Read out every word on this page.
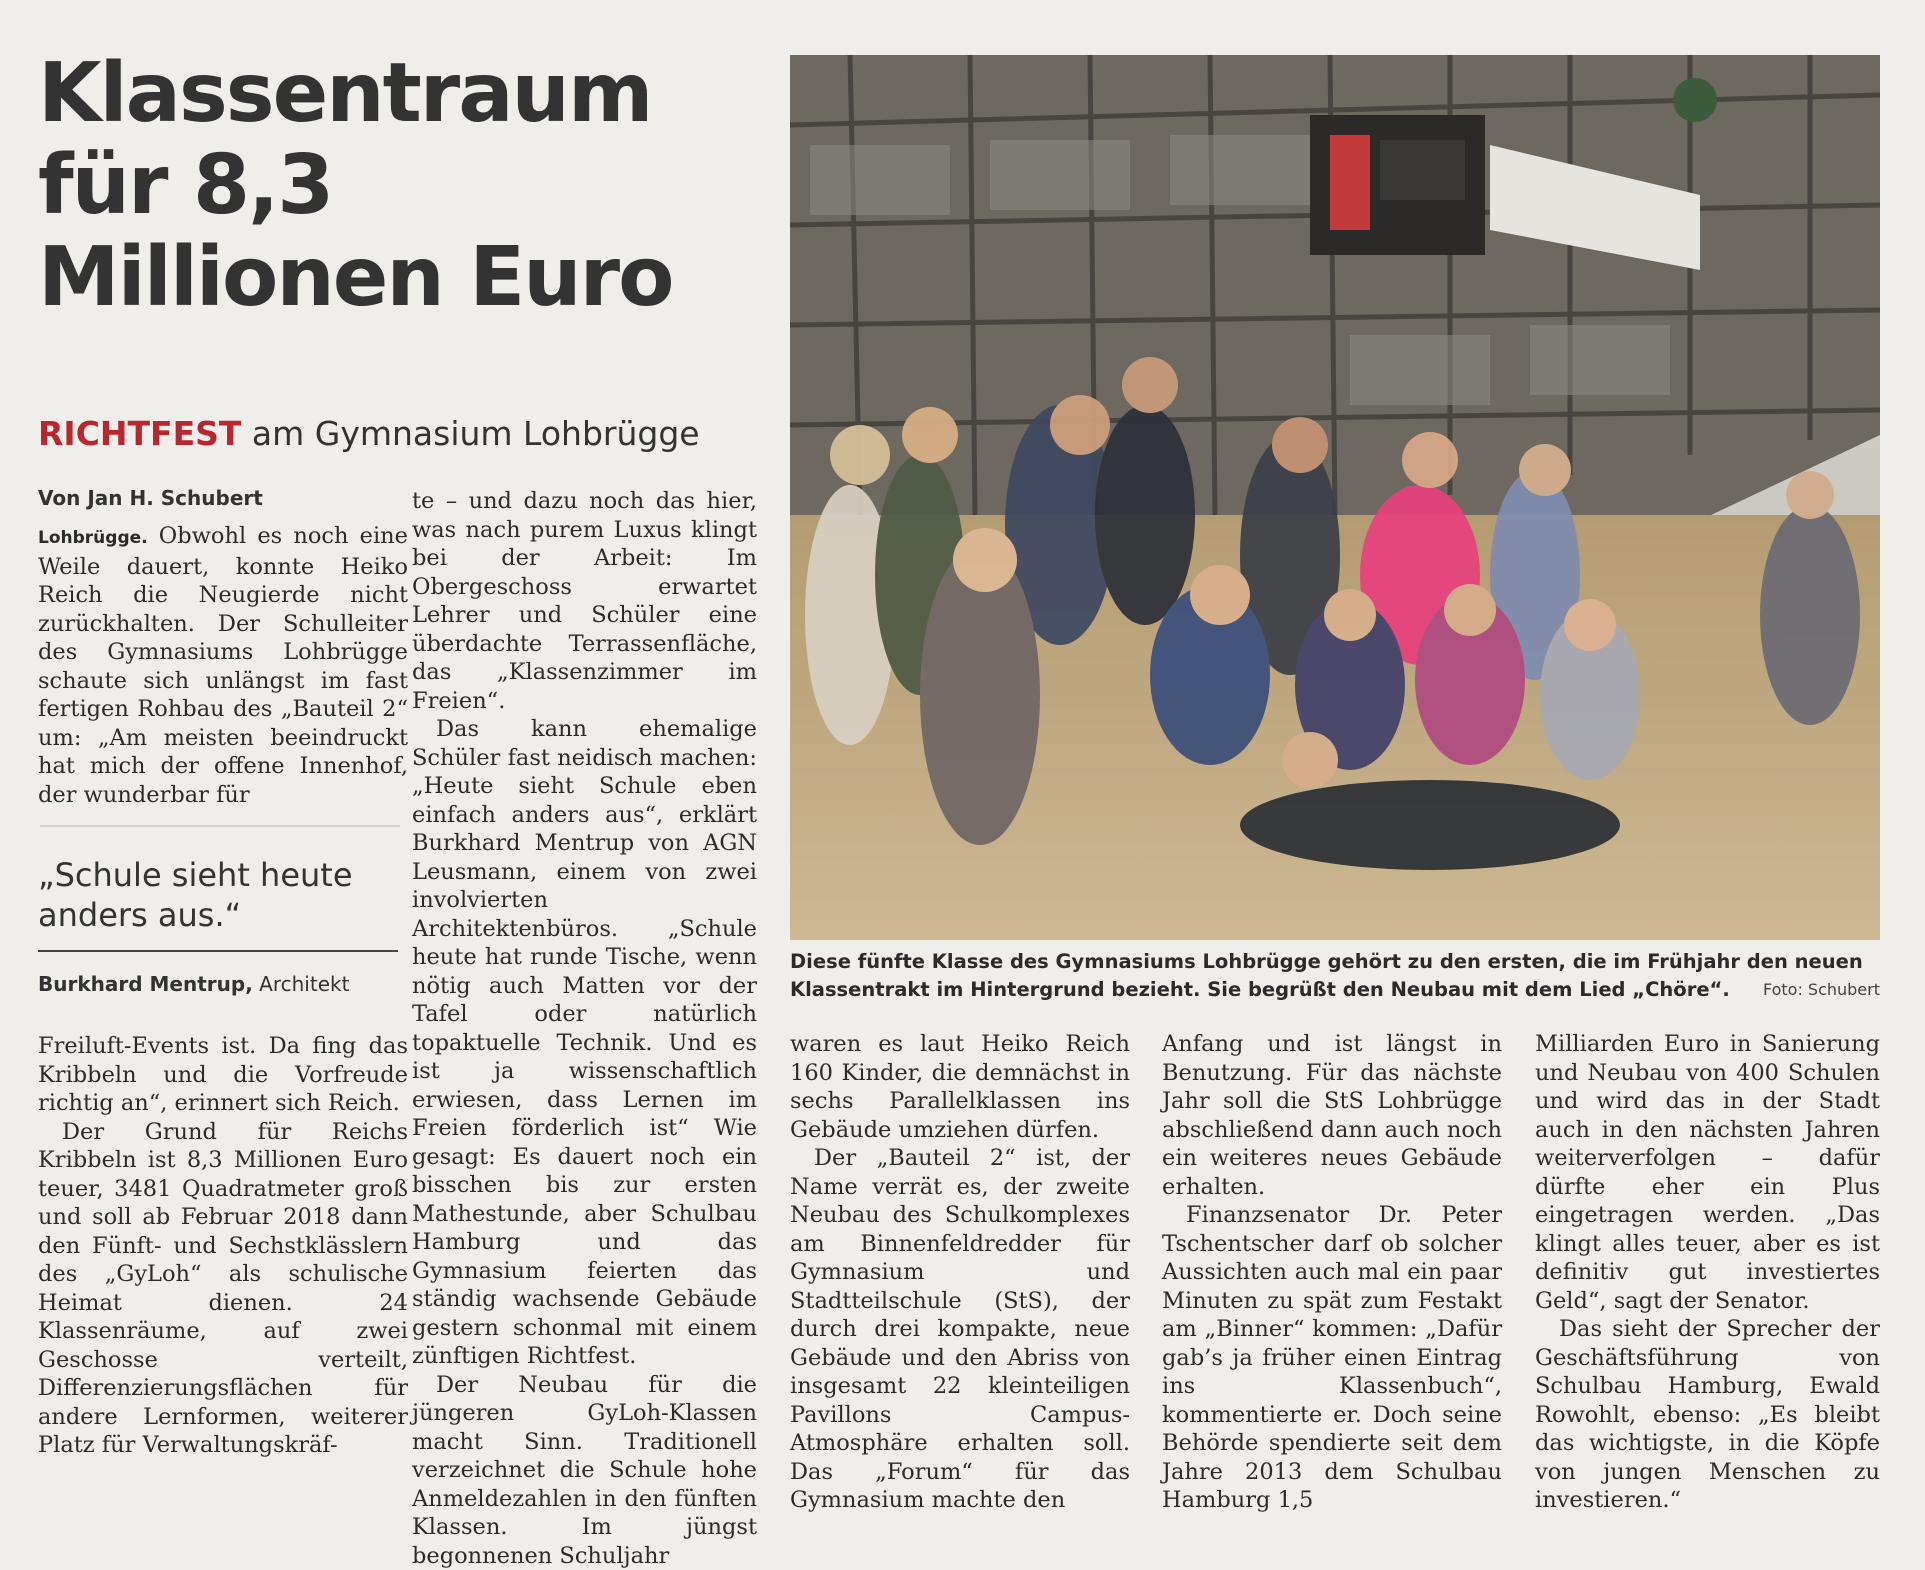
Klassentraum
für 8,3
Millionen Euro
RICHTFEST am Gymnasium Lohbrügge
Von Jan H. Schubert

Lohbrügge. Obwohl es noch eine Weile dauert, konnte Heiko Reich die Neugierde nicht zurückhalten. Der Schulleiter des Gymnasiums Lohbrügge schaute sich unlängst im fast fertigen Rohbau des „Bauteil 2“ um: „Am meisten beeindruckt hat mich der offene Innenhof, der wunderbar für

„Schule sieht heute anders aus.“
Burkhard Mentrup, Architekt

Freiluft-Events ist. Da fing das Kribbeln und die Vorfreude richtig an“, erinnert sich Reich.

Der Grund für Reichs Kribbeln ist 8,3 Millionen Euro teuer, 3481 Quadratmeter groß und soll ab Februar 2018 dann den Fünft- und Sechstklässlern des „GyLoh“ als schulische Heimat dienen. 24 Klassenräume, auf zwei Geschosse verteilt, Differenzierungsflächen für andere Lernformen, weiterer Platz für Verwaltungskräf-

te – und dazu noch das hier, was nach purem Luxus klingt bei der Arbeit: Im Obergeschoss erwartet Lehrer und Schüler eine überdachte Terrassenfläche, das „Klassenzimmer im Freien“.

Das kann ehemalige Schüler fast neidisch machen: „Heute sieht Schule eben einfach anders aus“, erklärt Burkhard Mentrup von AGN Leusmann, einem von zwei involvierten Architektenbüros. „Schule heute hat runde Tische, wenn nötig auch Matten vor der Tafel oder natürlich topaktuelle Technik. Und es ist ja wissenschaftlich erwiesen, dass Lernen im Freien förderlich ist“ Wie gesagt: Es dauert noch ein bisschen bis zur ersten Mathestunde, aber Schulbau Hamburg und das Gymnasium feierten das ständig wachsende Gebäude gestern schonmal mit einem zünftigen Richtfest.

Der Neubau für die jüngeren GyLoh-Klassen macht Sinn. Traditionell verzeichnet die Schule hohe Anmeldezahlen in den fünften Klassen. Im jüngst begonnenen Schuljahr

Diese fünfte Klasse des Gymnasiums Lohbrügge gehört zu den ersten, die im Frühjahr den neuen Klassentrakt im Hintergrund bezieht. Sie begrüßt den Neubau mit dem Lied „Chöre“.	Foto: Schubert

waren es laut Heiko Reich 160 Kinder, die demnächst in sechs Parallelklassen ins Gebäude umziehen dürfen.

Der „Bauteil 2“ ist, der Name verrät es, der zweite Neubau des Schulkomplexes am Binnenfeldredder für Gymnasium und Stadtteilschule (StS), der durch drei kompakte, neue Gebäude und den Abriss von insgesamt 22 kleinteiligen Pavillons Campus-Atmosphäre erhalten soll. Das „Forum“ für das Gymnasium machte den

Anfang und ist längst in Benutzung. Für das nächste Jahr soll die StS Lohbrügge abschließend dann auch noch ein weiteres neues Gebäude erhalten.

Finanzsenator Dr. Peter Tschentscher darf ob solcher Aussichten auch mal ein paar Minuten zu spät zum Festakt am „Binner“ kommen: „Dafür gab’s ja früher einen Eintrag ins Klassenbuch“, kommentierte er. Doch seine Behörde spendierte seit dem Jahre 2013 dem Schulbau Hamburg 1,5

Milliarden Euro in Sanierung und Neubau von 400 Schulen und wird das in der Stadt auch in den nächsten Jahren weiterverfolgen – dafür dürfte eher ein Plus eingetragen werden. „Das klingt alles teuer, aber es ist definitiv gut investiertes Geld“, sagt der Senator.

Das sieht der Sprecher der Geschäftsführung von Schulbau Hamburg, Ewald Rowohlt, ebenso: „Es bleibt das wichtigste, in die Köpfe von jungen Menschen zu investieren.“
